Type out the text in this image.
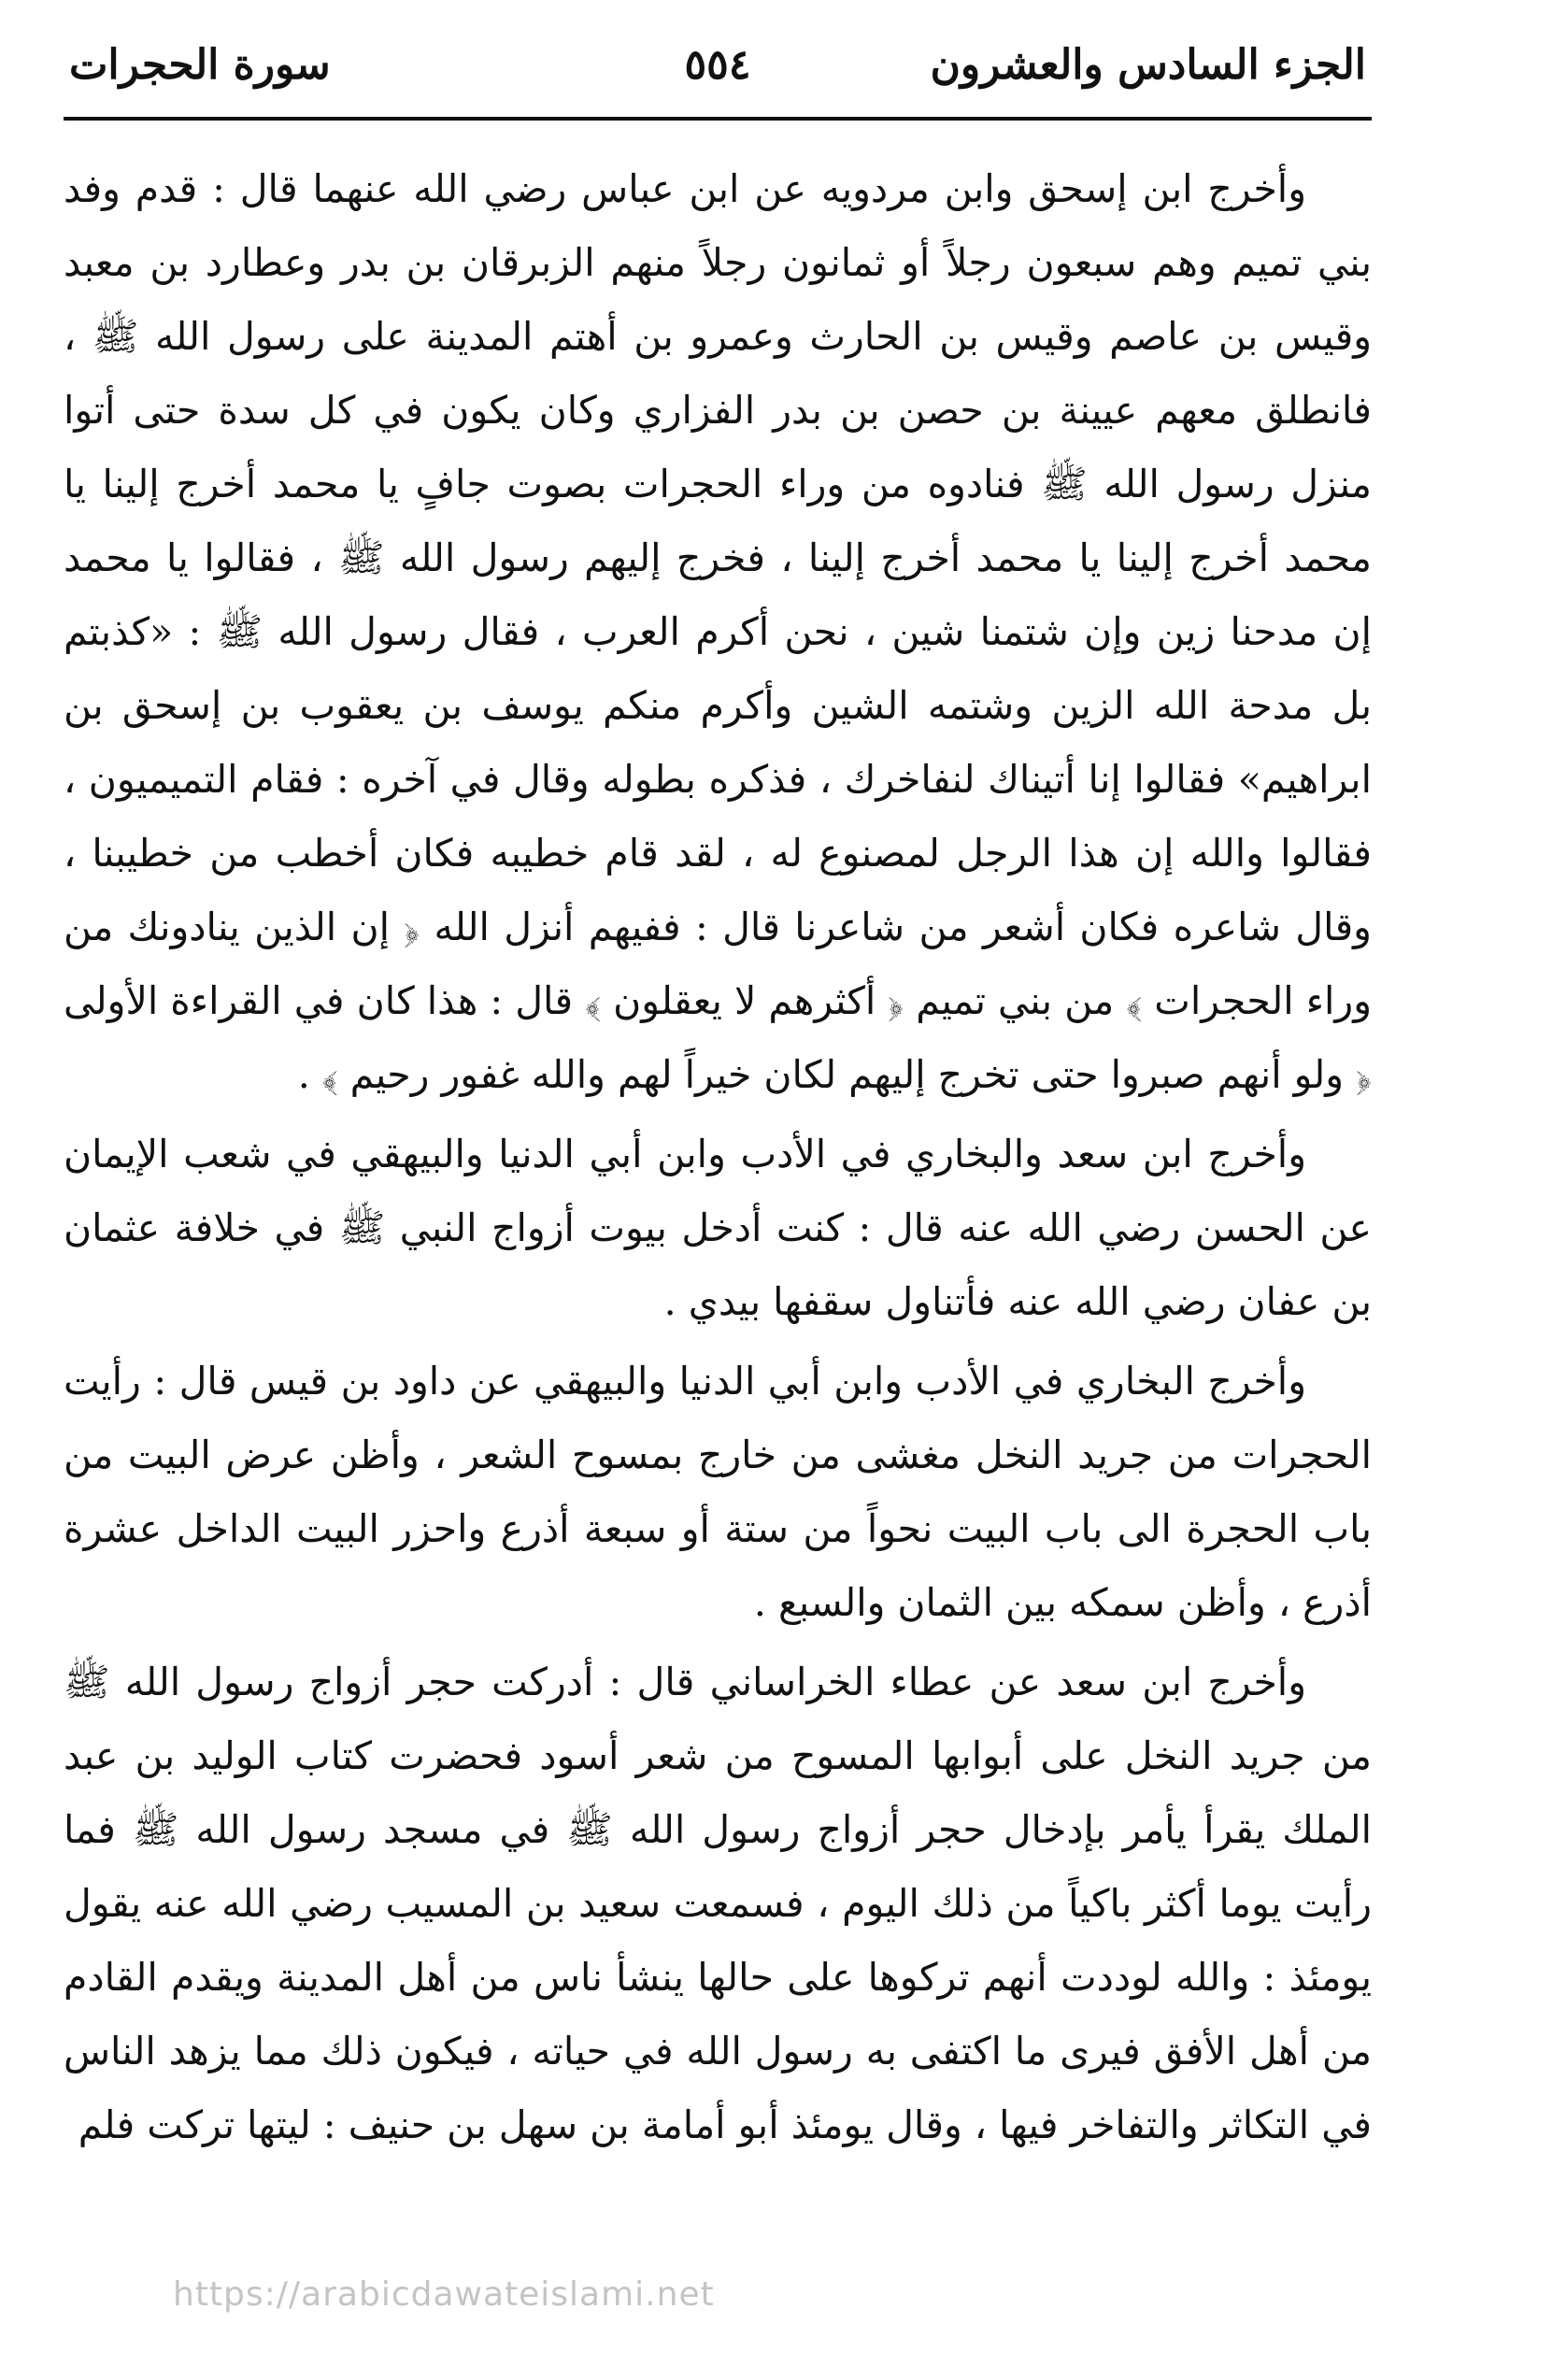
الجزء السادس والعشرون
٥٥٤
سورة الحجرات

وأخرج ابن إسحق وابن مردويه عن ابن عباس رضي الله عنهما قال : قدم وفد بني تميم وهم سبعون رجلاً أو ثمانون رجلاً منهم الزبرقان بن بدر وعطارد بن معبد وقيس بن عاصم وقيس بن الحارث وعمرو بن أهتم المدينة على رسول الله ﷺ ، فانطلق معهم عيينة بن حصن بن بدر الفزاري وكان يكون في كل سدة حتى أتوا منزل رسول الله ﷺ فنادوه من وراء الحجرات بصوت جافٍ يا محمد أخرج إلينا يا محمد أخرج إلينا يا محمد أخرج إلينا ، فخرج إليهم رسول الله ﷺ ، فقالوا يا محمد إن مدحنا زين وإن شتمنا شين ، نحن أكرم العرب ، فقال رسول الله ﷺ : «كذبتم بل مدحة الله الزين وشتمه الشين وأكرم منكم يوسف بن يعقوب بن إسحق بن ابراهيم» فقالوا إنا أتيناك لنفاخرك ، فذكره بطوله وقال في آخره : فقام التميميون ، فقالوا والله إن هذا الرجل لمصنوع له ، لقد قام خطيبه فكان أخطب من خطيبنا ، وقال شاعره فكان أشعر من شاعرنا قال : ففيهم أنزل الله ﴿ إن الذين ينادونك من وراء الحجرات ﴾ من بني تميم ﴿ أكثرهم لا يعقلون ﴾ قال : هذا كان في القراءة الأولى ﴿ ولو أنهم صبروا حتى تخرج إليهم لكان خيراً لهم والله غفور رحيم ﴾ .

وأخرج ابن سعد والبخاري في الأدب وابن أبي الدنيا والبيهقي في شعب الإيمان عن الحسن رضي الله عنه قال : كنت أدخل بيوت أزواج النبي ﷺ في خلافة عثمان بن عفان رضي الله عنه فأتناول سقفها بيدي .

وأخرج البخاري في الأدب وابن أبي الدنيا والبيهقي عن داود بن قيس قال : رأيت الحجرات من جريد النخل مغشى من خارج بمسوح الشعر ، وأظن عرض البيت من باب الحجرة الى باب البيت نحواً من ستة أو سبعة أذرع واحزر البيت الداخل عشرة أذرع ، وأظن سمكه بين الثمان والسبع .

وأخرج ابن سعد عن عطاء الخراساني قال : أدركت حجر أزواج رسول الله ﷺ من جريد النخل على أبوابها المسوح من شعر أسود فحضرت كتاب الوليد بن عبد الملك يقرأ يأمر بإدخال حجر أزواج رسول الله ﷺ في مسجد رسول الله ﷺ فما رأيت يوما أكثر باكياً من ذلك اليوم ، فسمعت سعيد بن المسيب رضي الله عنه يقول يومئذ : والله لوددت أنهم تركوها على حالها ينشأ ناس من أهل المدينة ويقدم القادم من أهل الأفق فيرى ما اكتفى به رسول الله في حياته ، فيكون ذلك مما يزهد الناس في التكاثر والتفاخر فيها ، وقال يومئذ أبو أمامة بن سهل بن حنيف : ليتها تركت فلم

https://arabicdawateislami.net
